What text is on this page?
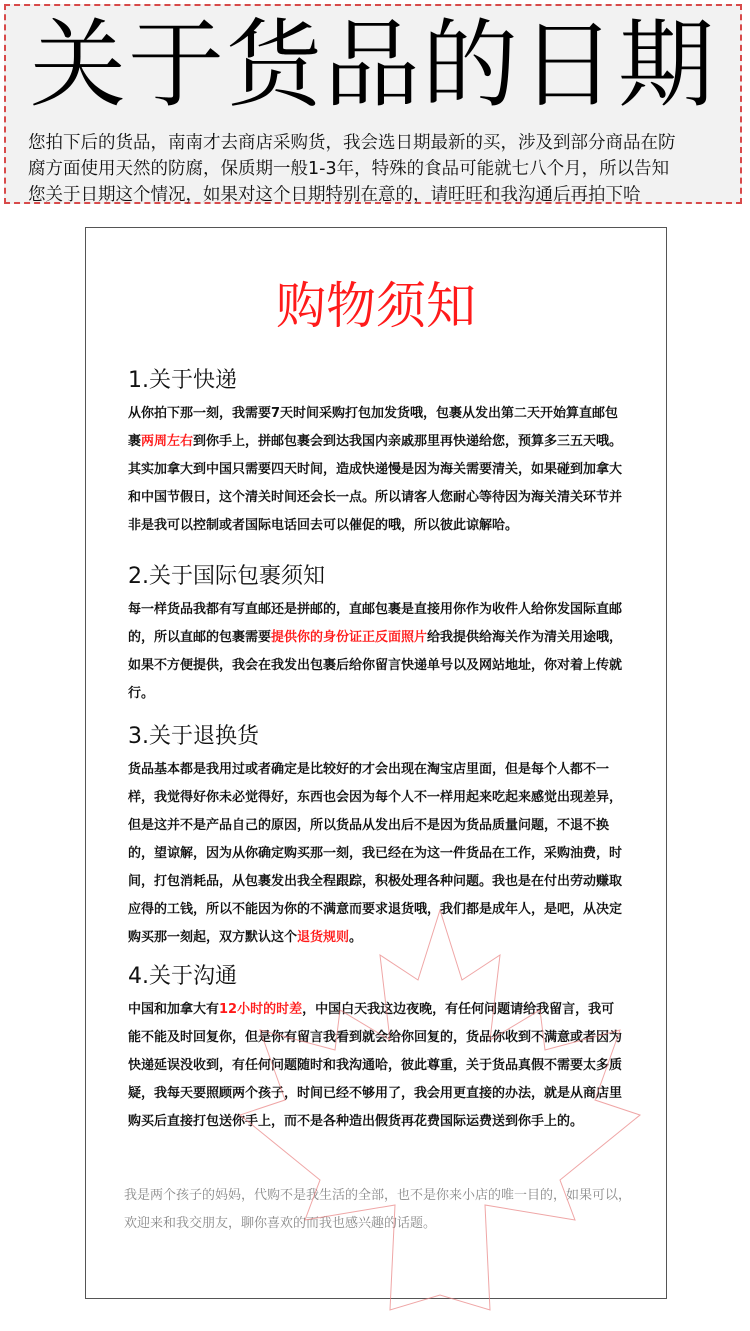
关于货品的日期

您拍下后的货品，南南才去商店采购货，我会选日期最新的买，涉及到部分商品在防
腐方面使用天然的防腐，保质期一般1-3年，特殊的食品可能就七八个月，所以告知
您关于日期这个情况，如果对这个日期特别在意的，请旺旺和我沟通后再拍下哈

购物须知
1.关于快递

从你拍下那一刻，我需要7天时间采购打包加发货哦，包裹从发出第二天开始算直邮包裹两周左右到你手上，拼邮包裹会到达我国内亲戚那里再快递给您，预算多三五天哦。其实加拿大到中国只需要四天时间，造成快递慢是因为海关需要清关，如果碰到加拿大和中国节假日，这个清关时间还会长一点。所以请客人您耐心等待因为海关清关环节并非是我可以控制或者国际电话回去可以催促的哦，所以彼此谅解哈。

2.关于国际包裹须知

每一样货品我都有写直邮还是拼邮的，直邮包裹是直接用你作为收件人给你发国际直邮的，所以直邮的包裹需要提供你的身份证正反面照片给我提供给海关作为清关用途哦，如果不方便提供，我会在我发出包裹后给你留言快递单号以及网站地址，你对着上传就行。

3.关于退换货

货品基本都是我用过或者确定是比较好的才会出现在淘宝店里面，但是每个人都不一样，我觉得好你未必觉得好，东西也会因为每个人不一样用起来吃起来感觉出现差异，但是这并不是产品自己的原因，所以货品从发出后不是因为货品质量问题，不退不换的，望谅解，因为从你确定购买那一刻，我已经在为这一件货品在工作，采购油费，时间，打包消耗品，从包裹发出我全程跟踪，积极处理各种问题。我也是在付出劳动赚取应得的工钱，所以不能因为你的不满意而要求退货哦，我们都是成年人，是吧，从决定购买那一刻起，双方默认这个退货规则。

4.关于沟通

中国和加拿大有12小时的时差，中国白天我这边夜晚，有任何问题请给我留言，我可能不能及时回复你，但是你有留言我看到就会给你回复的，货品你收到不满意或者因为快递延误没收到，有任何问题随时和我沟通哈，彼此尊重，关于货品真假不需要太多质疑，我每天要照顾两个孩子，时间已经不够用了，我会用更直接的办法，就是从商店里购买后直接打包送你手上，而不是各种造出假货再花费国际运费送到你手上的。

我是两个孩子的妈妈，代购不是我生活的全部，也不是你来小店的唯一目的，如果可以，欢迎来和我交朋友，聊你喜欢的而我也感兴趣的话题。
